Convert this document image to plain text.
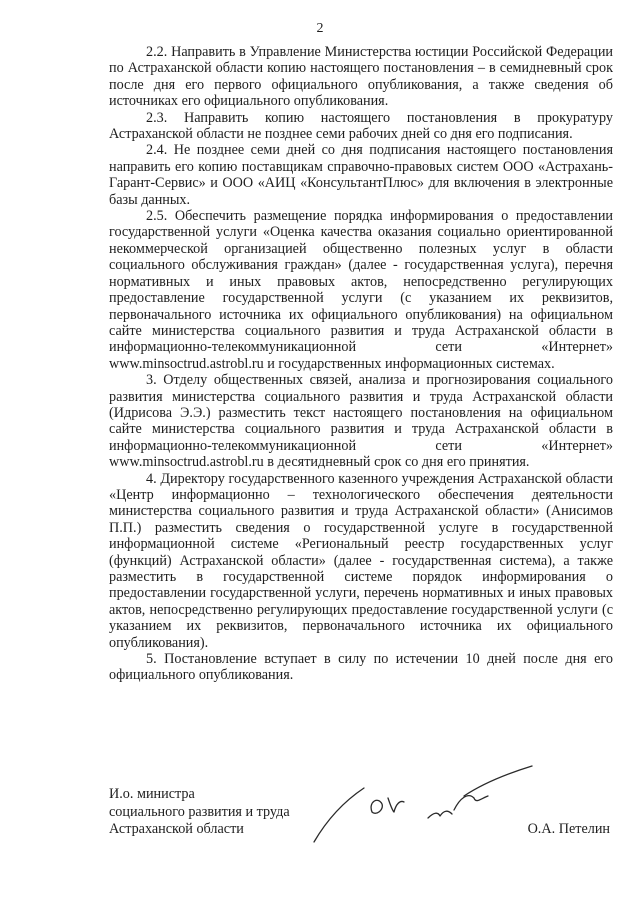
2

2.2. Направить в Управление Министерства юстиции Российской Федерации по Астраханской области копию настоящего постановления – в семидневный срок после дня его первого официального опубликования, а также сведения об источниках его официального опубликования.

2.3. Направить копию настоящего постановления в прокуратуру Астраханской области не позднее семи рабочих дней со дня его подписания.

2.4. Не позднее семи дней со дня подписания настоящего постановления направить его копию поставщикам справочно-правовых систем ООО «Астрахань-Гарант-Сервис» и ООО «АИЦ «КонсультантПлюс» для включения в электронные базы данных.

2.5. Обеспечить размещение порядка информирования о предоставлении государственной услуги «Оценка качества оказания социально ориентированной некоммерческой организацией общественно полезных услуг в области социального обслуживания граждан» (далее - государственная услуга), перечня нормативных и иных правовых актов, непосредственно регулирующих предоставление государственной услуги (с указанием их реквизитов, первоначального источника их официального опубликования) на официальном сайте министерства социального развития и труда Астраханской области в информационно-телекоммуникационной сети «Интернет» www.minsoctrud.astrobl.ru и государственных информационных системах.

3. Отделу общественных связей, анализа и прогнозирования социального развития министерства социального развития и труда Астраханской области (Идрисова Э.Э.) разместить текст настоящего постановления на официальном сайте министерства социального развития и труда Астраханской области в информационно-телекоммуникационной сети «Интернет» www.minsoctrud.astrobl.ru в десятидневный срок со дня его принятия.

4. Директору государственного казенного учреждения Астраханской области «Центр информационно – технологического обеспечения деятельности министерства социального развития и труда Астраханской области» (Анисимов П.П.) разместить сведения о государственной услуге в государственной информационной системе «Региональный реестр государственных услуг (функций) Астраханской области» (далее - государственная система), а также разместить в государственной системе порядок информирования о предоставлении государственной услуги, перечень нормативных и иных правовых актов, непосредственно регулирующих предоставление государственной услуги (с указанием их реквизитов, первоначального источника их официального опубликования).

5. Постановление вступает в силу по истечении 10 дней после дня его официального опубликования.

И.о. министра
социального развития и труда
Астраханской области	О.А. Петелин
